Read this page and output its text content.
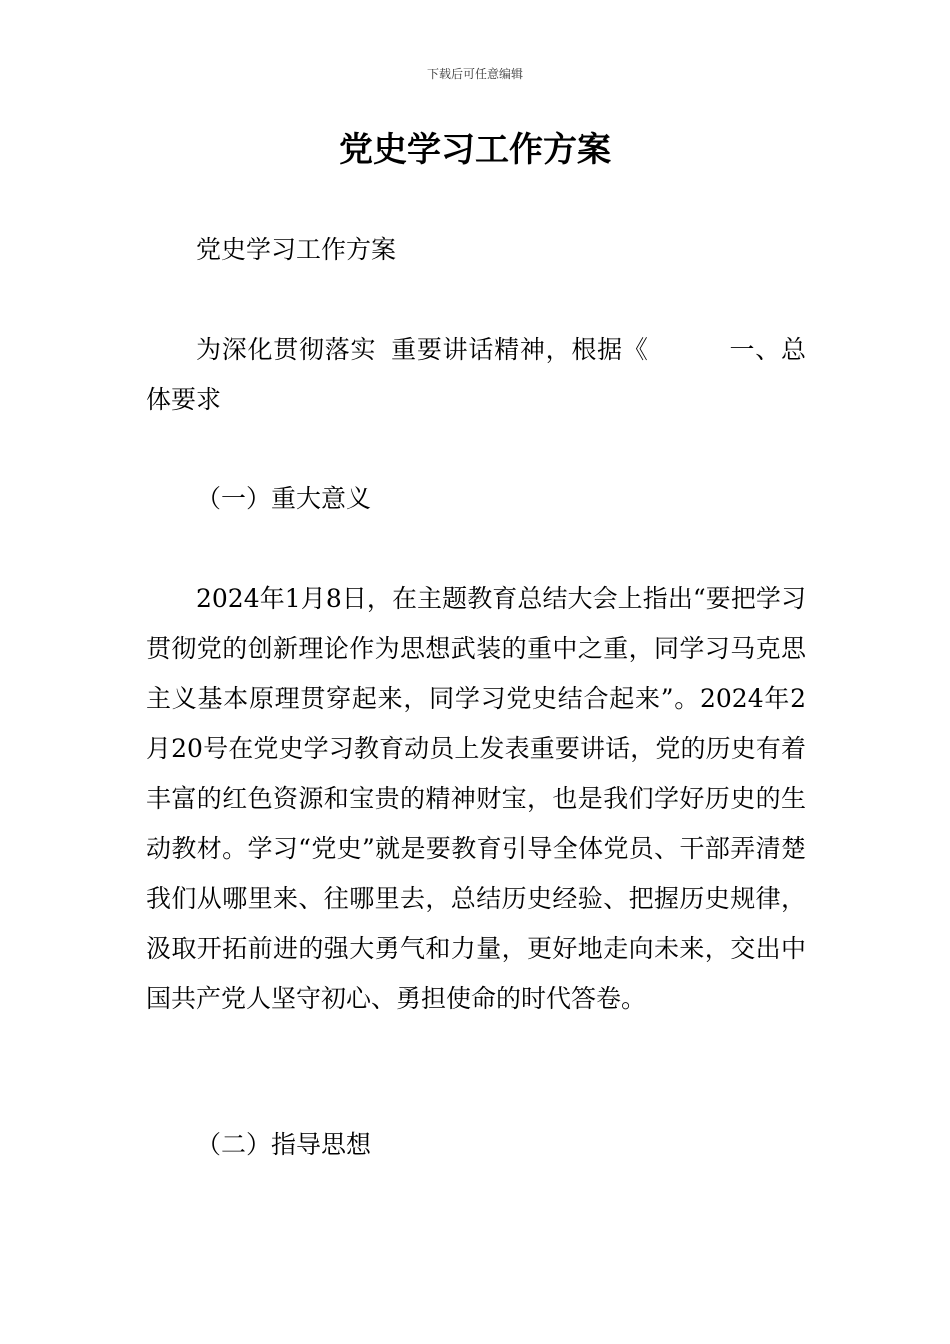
下载后可任意编辑
党史学习工作方案

党史学习工作方案

为深化贯彻落实 重要讲话精神，根据《	一、总体要求

（一）重大意义

2024年1月8日，在主题教育总结大会上指出“要把学习贯彻党的创新理论作为思想武装的重中之重，同学习马克思主义基本原理贯穿起来，同学习党史结合起来”。2024年2月20号在党史学习教育动员上发表重要讲话，党的历史有着丰富的红色资源和宝贵的精神财宝，也是我们学好历史的生动教材。学习“党史”就是要教育引导全体党员、干部弄清楚我们从哪里来、往哪里去，总结历史经验、把握历史规律，汲取开拓前进的强大勇气和力量，更好地走向未来，交出中国共产党人坚守初心、勇担使命的时代答卷。

（二）指导思想
